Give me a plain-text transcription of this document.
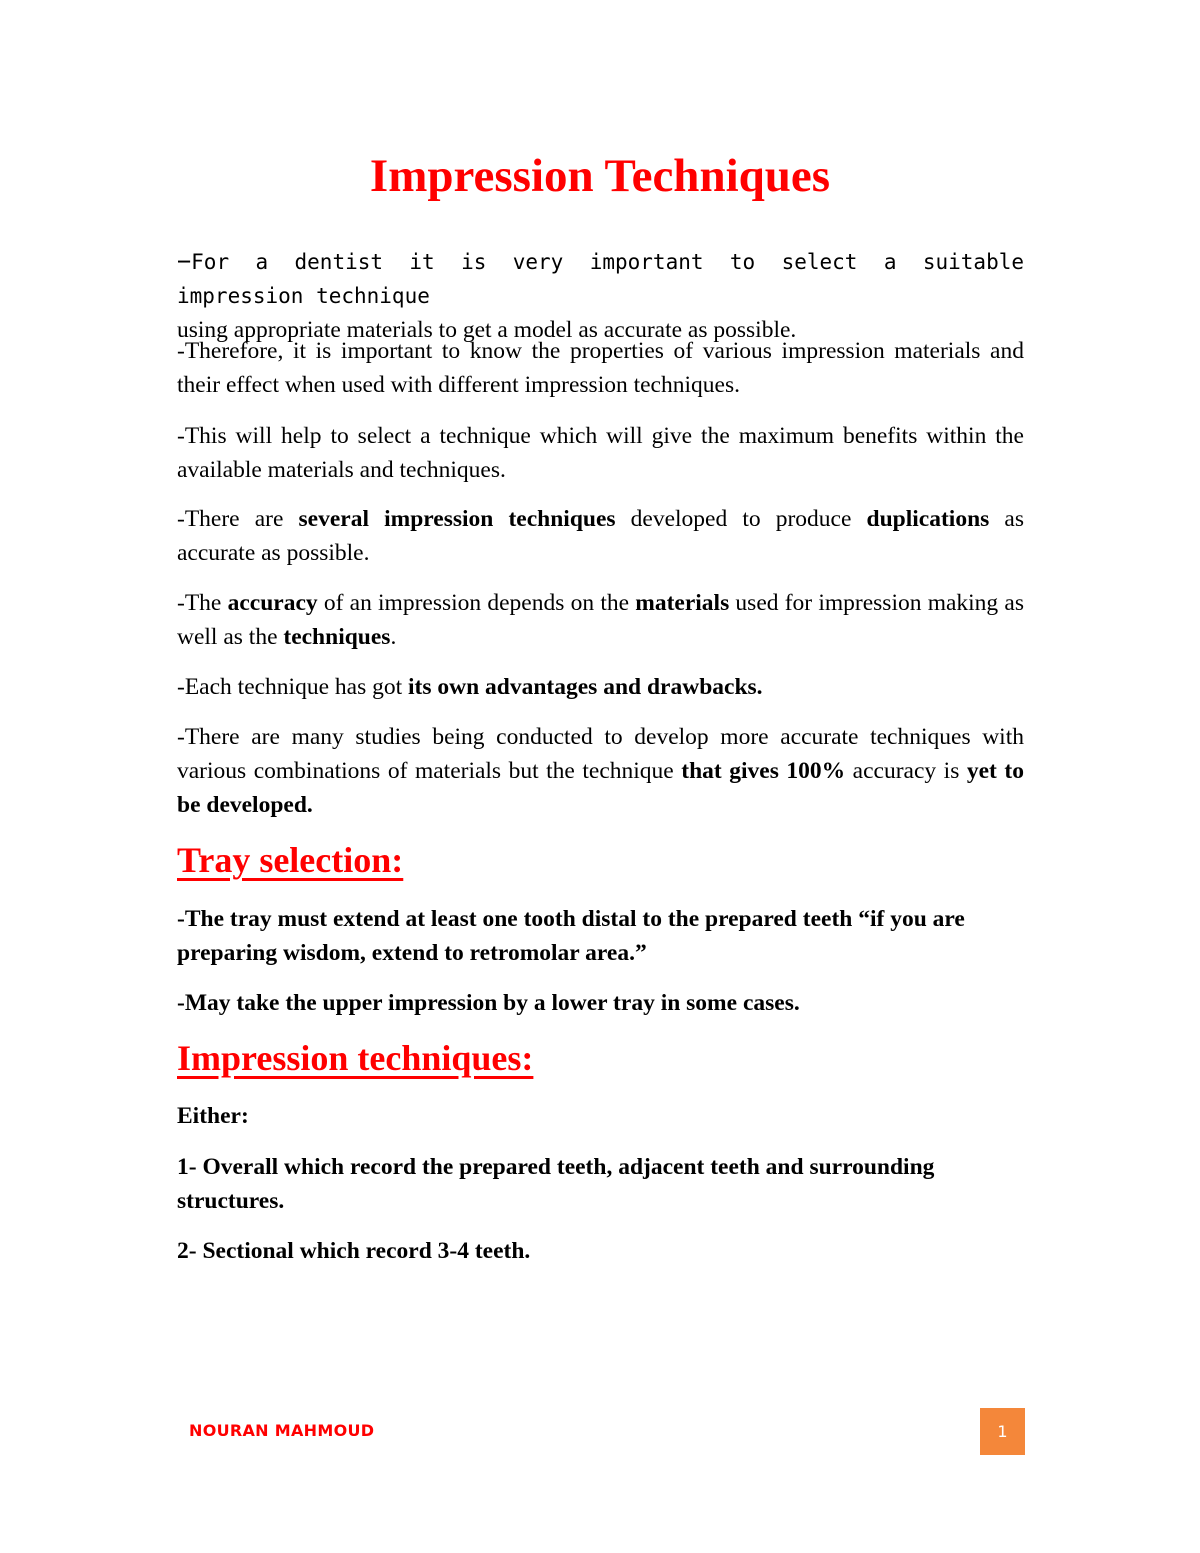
Impression Techniques

−For a dentist it is very important to select a suitable impression technique
using appropriate materials to get a model as accurate as possible.

-Therefore, it is important to know the properties of various impression materials and their effect when used with different impression techniques.

-This will help to select a technique which will give the maximum benefits within the available materials and techniques.

-There are several impression techniques developed to produce duplications as accurate as possible.

-The accuracy of an impression depends on the materials used for impression making as well as the techniques.

-Each technique has got its own advantages and drawbacks.

-There are many studies being conducted to develop more accurate techniques with various combinations of materials but the technique that gives 100% accuracy is yet to be developed.

Tray selection:

-The tray must extend at least one tooth distal to the prepared teeth “if you are preparing wisdom, extend to retromolar area.”

-May take the upper impression by a lower tray in some cases.

Impression techniques:

Either:

1- Overall which record the prepared teeth, adjacent teeth and surrounding structures.

2- Sectional which record 3-4 teeth.

NOURAN MAHMOUD	1
